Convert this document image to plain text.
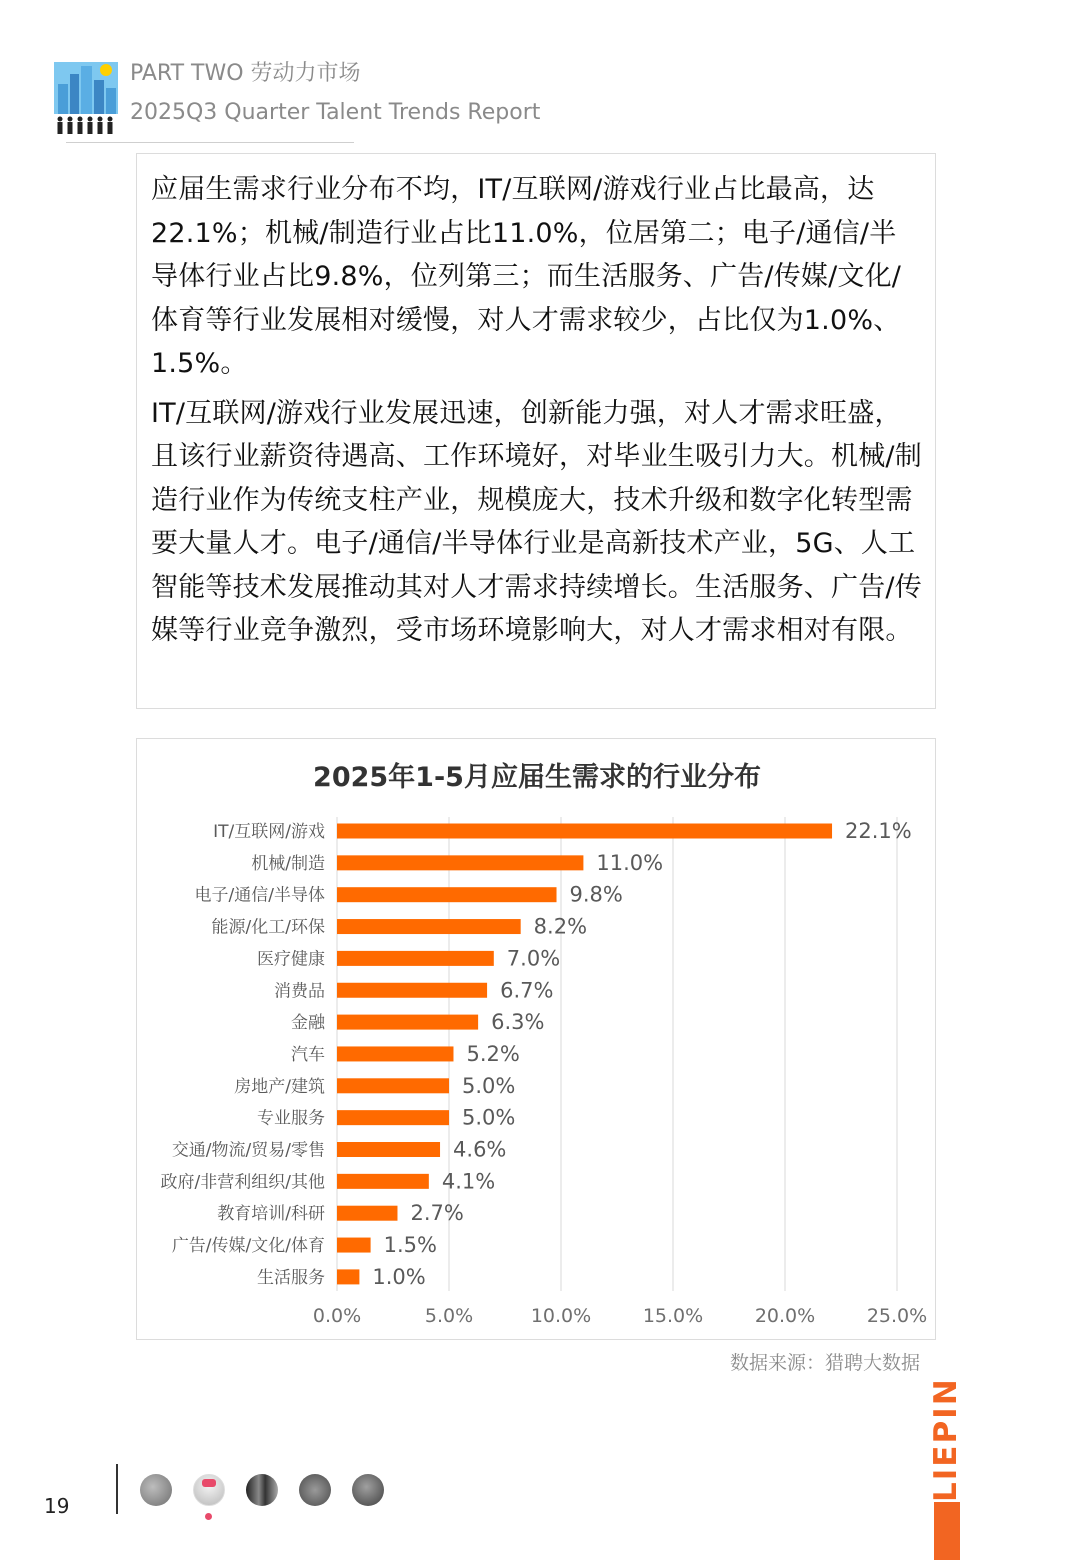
PART TWO 劳动力市场
2025Q3 Quarter Talent Trends Report

应届生需求行业分布不均，IT/互联网/游戏行业占比最高，达22.1%；机械/制造行业占比11.0%，位居第二；电子/通信/半导体行业占比9.8%，位列第三；而生活服务、广告/传媒/文化/体育等行业发展相对缓慢，对人才需求较少，占比仅为1.0%、1.5%。

IT/互联网/游戏行业发展迅速，创新能力强，对人才需求旺盛，且该行业薪资待遇高、工作环境好，对毕业生吸引力大。机械/制造行业作为传统支柱产业，规模庞大，技术升级和数字化转型需要大量人才。电子/通信/半导体行业是高新技术产业，5G、人工智能等技术发展推动其对人才需求持续增长。生活服务、广告/传媒等行业竞争激烈，受市场环境影响大，对人才需求相对有限。

2025年1-5月应届生需求的行业分布
0.0%	5.0%	10.0%	15.0%	20.0%	25.0%
IT/互联网/游戏	22.1%
机械/制造	11.0%
电子/通信/半导体	9.8%
能源/化工/环保	8.2%
医疗健康	7.0%
消费品	6.7%
金融	6.3%
汽车	5.2%
房地产/建筑	5.0%
专业服务	5.0%
交通/物流/贸易/零售	4.6%
政府/非营利组织/其他	4.1%
教育培训/科研	2.7%
广告/传媒/文化/体育	1.5%
生活服务 1.0%
数据来源：猎聘大数据
LIEPIN
19
